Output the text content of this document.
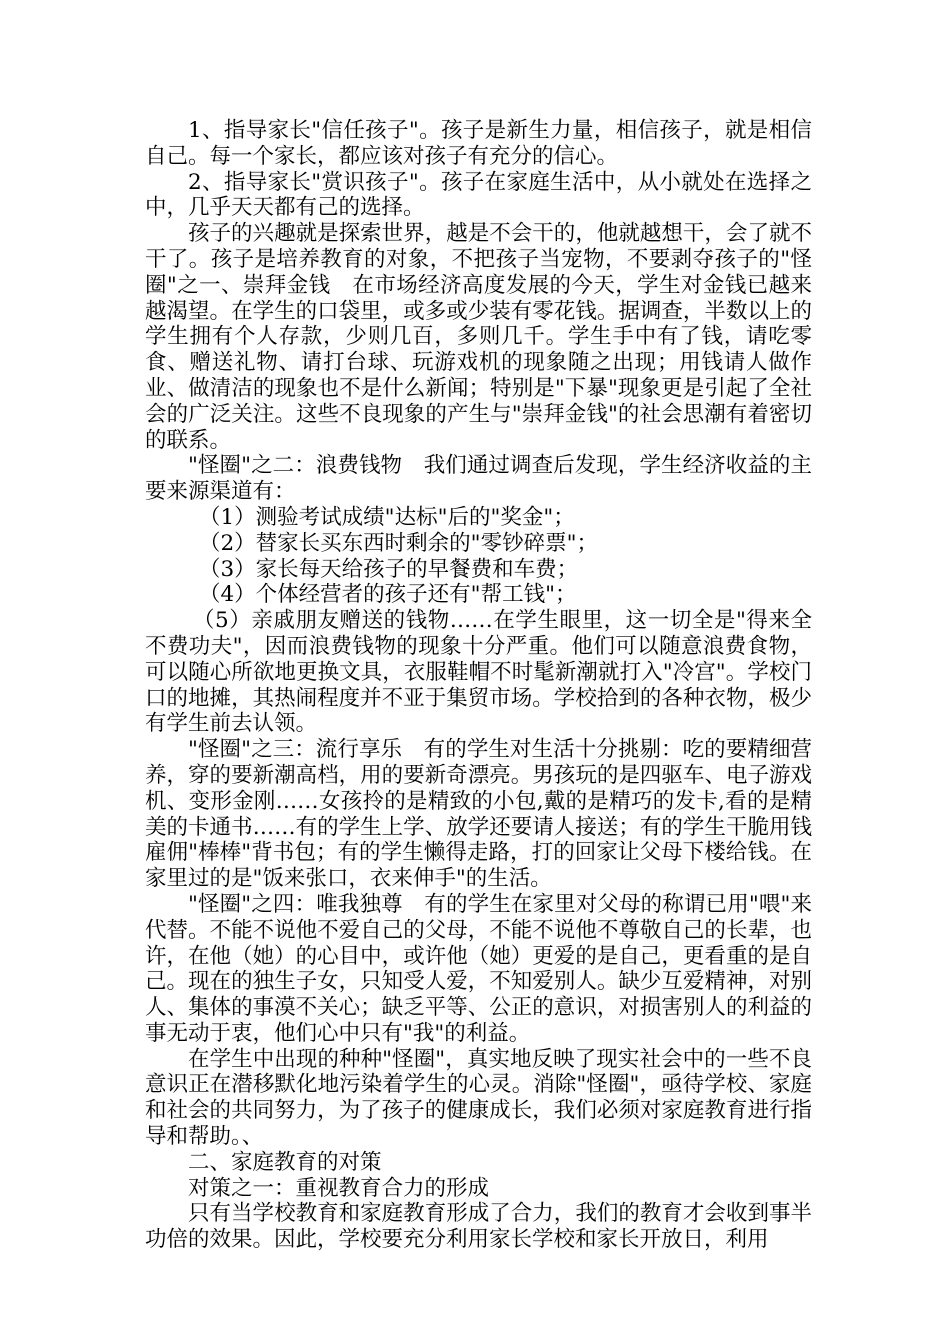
1、指导家长"信任孩子"。孩子是新生力量，相信孩子，就是相信自己。每一个家长，都应该对孩子有充分的信心。

2、指导家长"赏识孩子"。孩子在家庭生活中，从小就处在选择之中，几乎天天都有己的选择。

孩子的兴趣就是探索世界，越是不会干的，他就越想干，会了就不干了。孩子是培养教育的对象，不把孩子当宠物，不要剥夺孩子的"怪圈"之一、崇拜金钱　在市场经济高度发展的今天，学生对金钱已越来越渴望。在学生的口袋里，或多或少装有零花钱。据调查，半数以上的学生拥有个人存款，少则几百，多则几千。学生手中有了钱，请吃零食、赠送礼物、请打台球、玩游戏机的现象随之出现；用钱请人做作业、做清洁的现象也不是什么新闻；特别是"下暴"现象更是引起了全社会的广泛关注。这些不良现象的产生与"崇拜金钱"的社会思潮有着密切的联系。

"怪圈"之二：浪费钱物　我们通过调查后发现，学生经济收益的主要来源渠道有：

（1）测验考试成绩"达标"后的"奖金"；

（2）替家长买东西时剩余的"零钞碎票"；

（3）家长每天给孩子的早餐费和车费；

（4）个体经营者的孩子还有"帮工钱"；

（5）亲戚朋友赠送的钱物……在学生眼里，这一切全是"得来全不费功夫"，因而浪费钱物的现象十分严重。他们可以随意浪费食物，可以随心所欲地更换文具，衣服鞋帽不时髦新潮就打入"冷宫"。学校门口的地摊，其热闹程度并不亚于集贸市场。学校拾到的各种衣物，极少有学生前去认领。

"怪圈"之三：流行享乐　有的学生对生活十分挑剔：吃的要精细营养，穿的要新潮高档，用的要新奇漂亮。男孩玩的是四驱车、电子游戏机、变形金刚……女孩拎的是精致的小包,戴的是精巧的发卡,看的是精美的卡通书……有的学生上学、放学还要请人接送；有的学生干脆用钱雇佣"棒棒"背书包；有的学生懒得走路，打的回家让父母下楼给钱。在家里过的是"饭来张口，衣来伸手"的生活。

"怪圈"之四：唯我独尊　有的学生在家里对父母的称谓已用"喂"来代替。不能不说他不爱自己的父母，不能不说他不尊敬自己的长辈，也许，在他（她）的心目中，或许他（她）更爱的是自己，更看重的是自己。现在的独生子女，只知受人爱，不知爱别人。缺少互爱精神，对别人、集体的事漠不关心；缺乏平等、公正的意识，对损害别人的利益的事无动于衷，他们心中只有"我"的利益。

在学生中出现的种种"怪圈"，真实地反映了现实社会中的一些不良意识正在潜移默化地污染着学生的心灵。消除"怪圈"，亟待学校、家庭和社会的共同努力，为了孩子的健康成长，我们必须对家庭教育进行指导和帮助。、

二、家庭教育的对策

对策之一：重视教育合力的形成

只有当学校教育和家庭教育形成了合力，我们的教育才会收到事半功倍的效果。因此，学校要充分利用家长学校和家长开放日，利用
